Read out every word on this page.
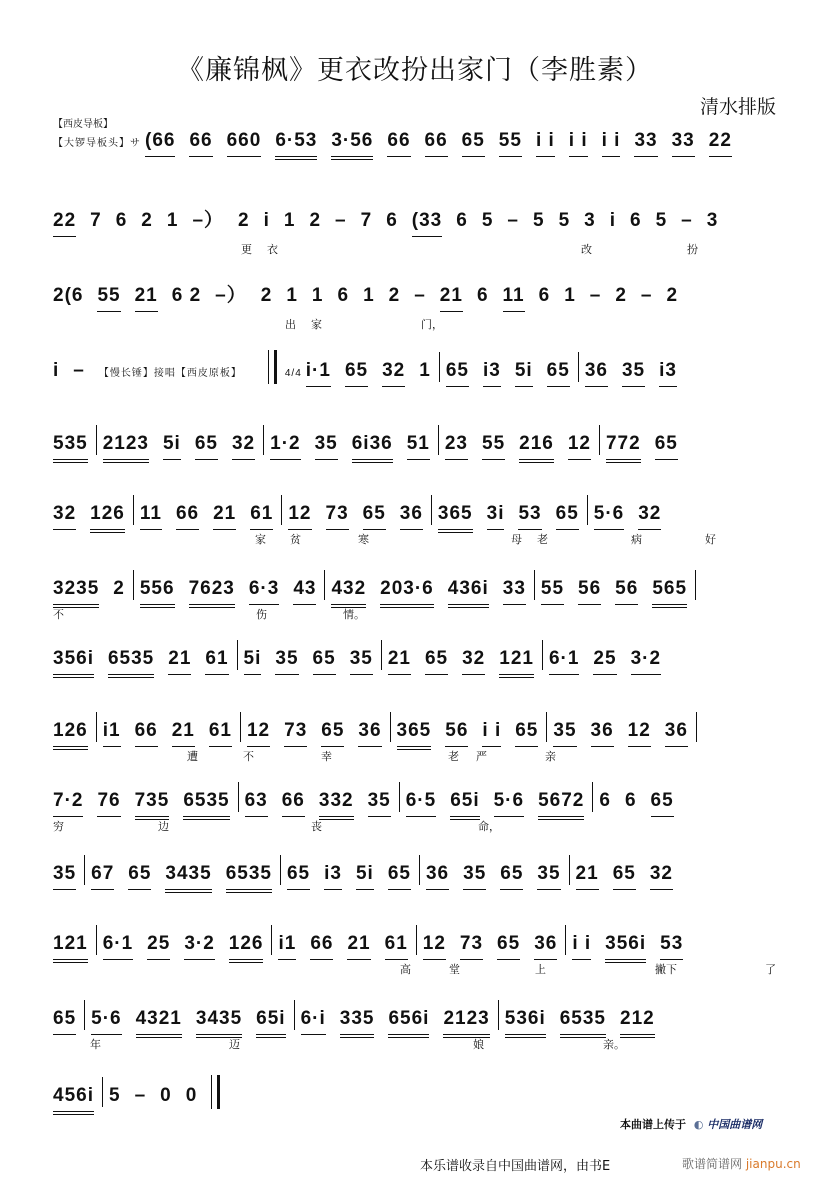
《廉锦枫》更衣改扮出家门（李胜素）
清水排版
【西皮导板】
【大锣导板头】サ (66 66 660 6·53 3·56 66 66 65 55 i i i i i i 33 33 22
22 7 6 2 1 –） 2 i 1 2 – 7 6 (33 6 5 – 5 5 3 i 6 5 – 3
更 衣	改	扮
2(6 55 21 6 2 –） 2 1 1 6 1 2 – 21 6 11 6 1 – 2 – 2
出 家	门，
i – 【慢长锤】接唱【西皮原板】	4/4 i·1 65 32 1 65 i3 5i 65 36 35 i3
535 2123 5i 65 32 1·2 35 6i36 51 23 55 216 12 772 65
32 126 11 66 21 61 12 73 65 36 365 3i 53 65 5·6 32
家 贫	寒	母 老	病	好
3235 2 556 7623 6·3 43 432 203·6 436i 33 55 56 56 565
不	伤	情。
356i 6535 21 61 5i 35 65 35 21 65 32 121 6·1 25 3·2
126 i1 66 21 61 12 73 65 36 365 56 i i 65 35 36 12 36
遭	不	幸	老 严	亲
7·2 76 735 6535 63 66 332 35 6·5 65i 5·6 5672 6 6 65
穷	边	丧	命，
35 67 65 3435 6535 65 i3 5i 65 36 35 65 35 21 65 32
121 6·1 25 3·2 126 i1 66 21 61 12 73 65 36 i i 356i 53
高	堂	上	撇下	了
65 5·6 4321 3435 65i 6·i 335 656i 2123 536i 6535 212
年	迈	娘	亲。
456i 5 – 0 0
本曲谱上传于 ◐ 中国曲谱网
本乐谱收录自中国曲谱网，由书E	歌谱简谱网 jianpu.cn
